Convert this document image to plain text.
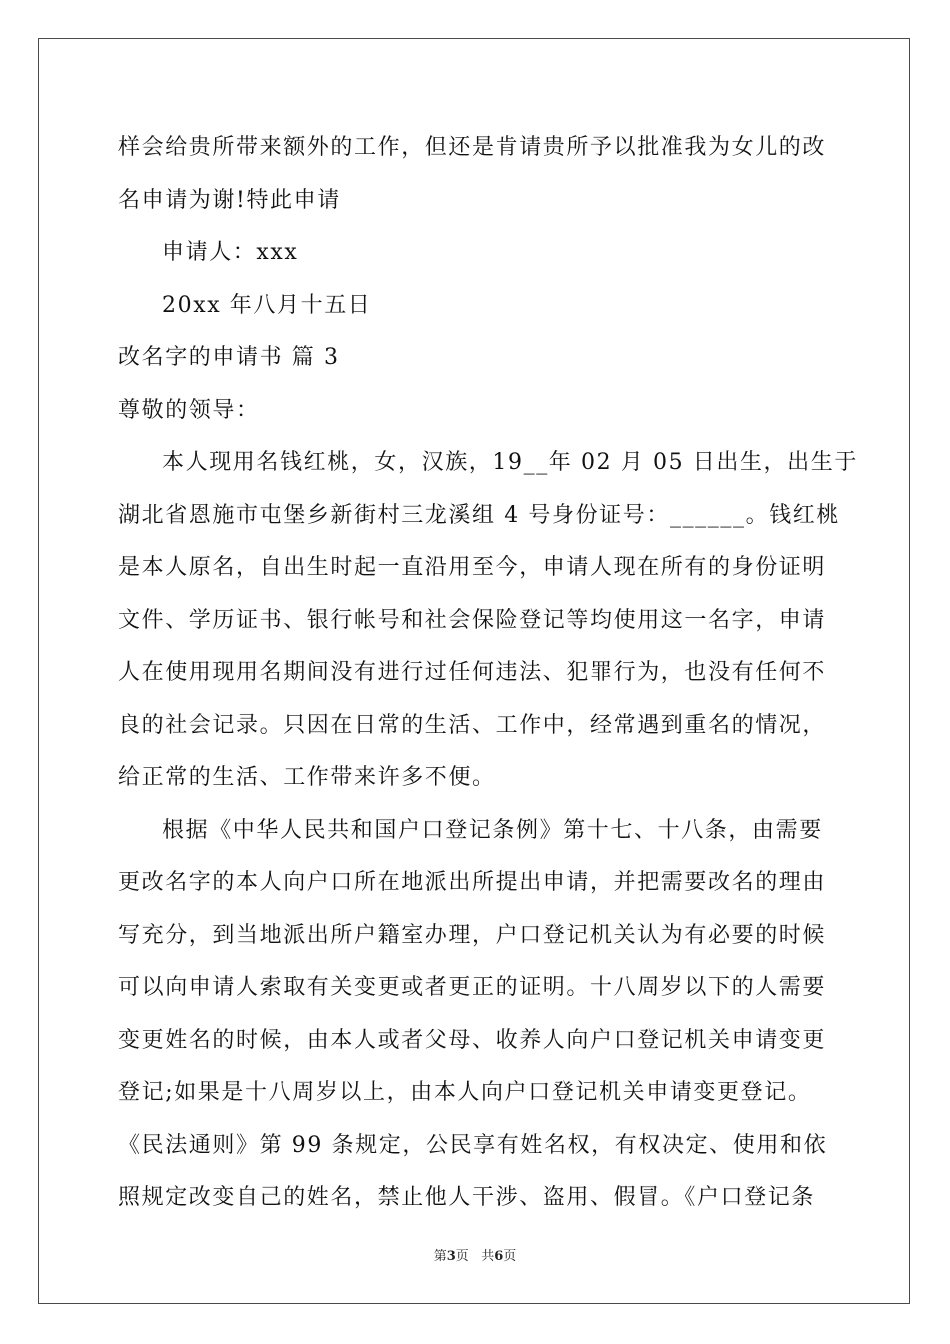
样会给贵所带来额外的工作，但还是肯请贵所予以批准我为女儿的改
名申请为谢!特此申请
申请人：xxx
20xx 年八月十五日
改名字的申请书 篇 3
尊敬的领导：
本人现用名钱红桃，女，汉族，19__年 02 月 05 日出生，出生于
湖北省恩施市屯堡乡新街村三龙溪组 4 号身份证号：______。钱红桃
是本人原名，自出生时起一直沿用至今，申请人现在所有的身份证明
文件、学历证书、银行帐号和社会保险登记等均使用这一名字，申请
人在使用现用名期间没有进行过任何违法、犯罪行为，也没有任何不
良的社会记录。只因在日常的生活、工作中，经常遇到重名的情况，
给正常的生活、工作带来许多不便。
根据《中华人民共和国户口登记条例》第十七、十八条，由需要
更改名字的本人向户口所在地派出所提出申请，并把需要改名的理由
写充分，到当地派出所户籍室办理，户口登记机关认为有必要的时候
可以向申请人索取有关变更或者更正的证明。十八周岁以下的人需要
变更姓名的时候，由本人或者父母、收养人向户口登记机关申请变更
登记;如果是十八周岁以上，由本人向户口登记机关申请变更登记。
《民法通则》第 99 条规定，公民享有姓名权，有权决定、使用和依
照规定改变自己的姓名，禁止他人干涉、盗用、假冒。《户口登记条
第3页 共6页
